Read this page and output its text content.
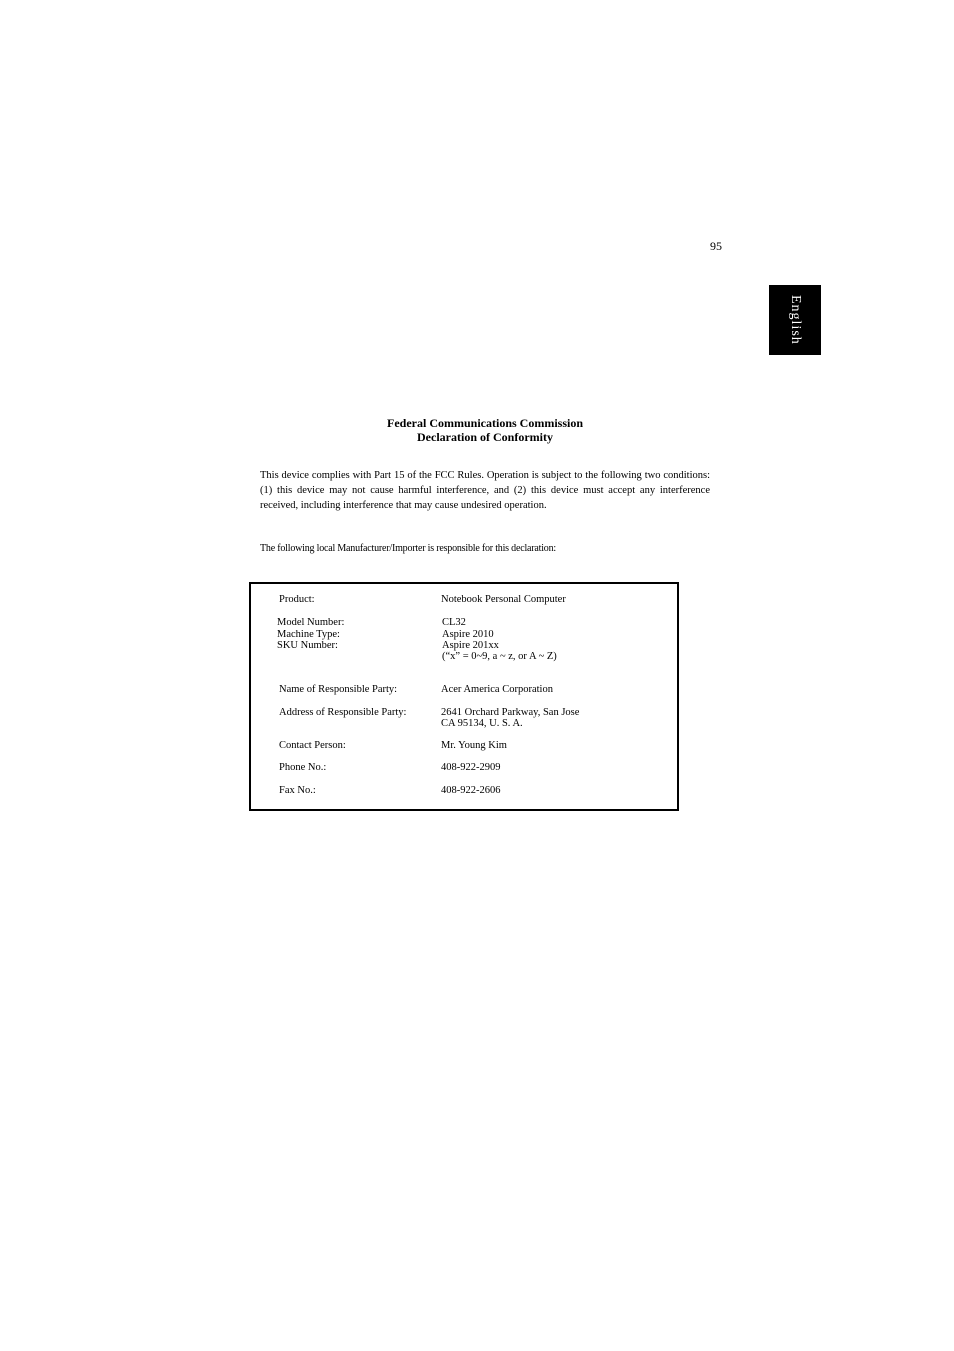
95
English
Federal Communications Commission
Declaration of Conformity
This device complies with Part 15 of the FCC Rules. Operation is subject to the following two conditions: (1) this device may not cause harmful interference, and (2) this device must accept any interference received, including interference that may cause undesired operation.
The following local Manufacturer/Importer is responsible for this declaration:
Product:	Notebook Personal Computer
Model Number:	CL32
Machine Type:	Aspire 2010
SKU Number:	Aspire 201xx
(“x” = 0~9, a ~ z, or A ~ Z)
Name of Responsible Party:	Acer America Corporation
Address of Responsible Party:	2641 Orchard Parkway, San Jose
CA 95134, U. S. A.
Contact Person:	Mr. Young Kim
Phone No.:	408-922-2909
Fax No.:	408-922-2606
